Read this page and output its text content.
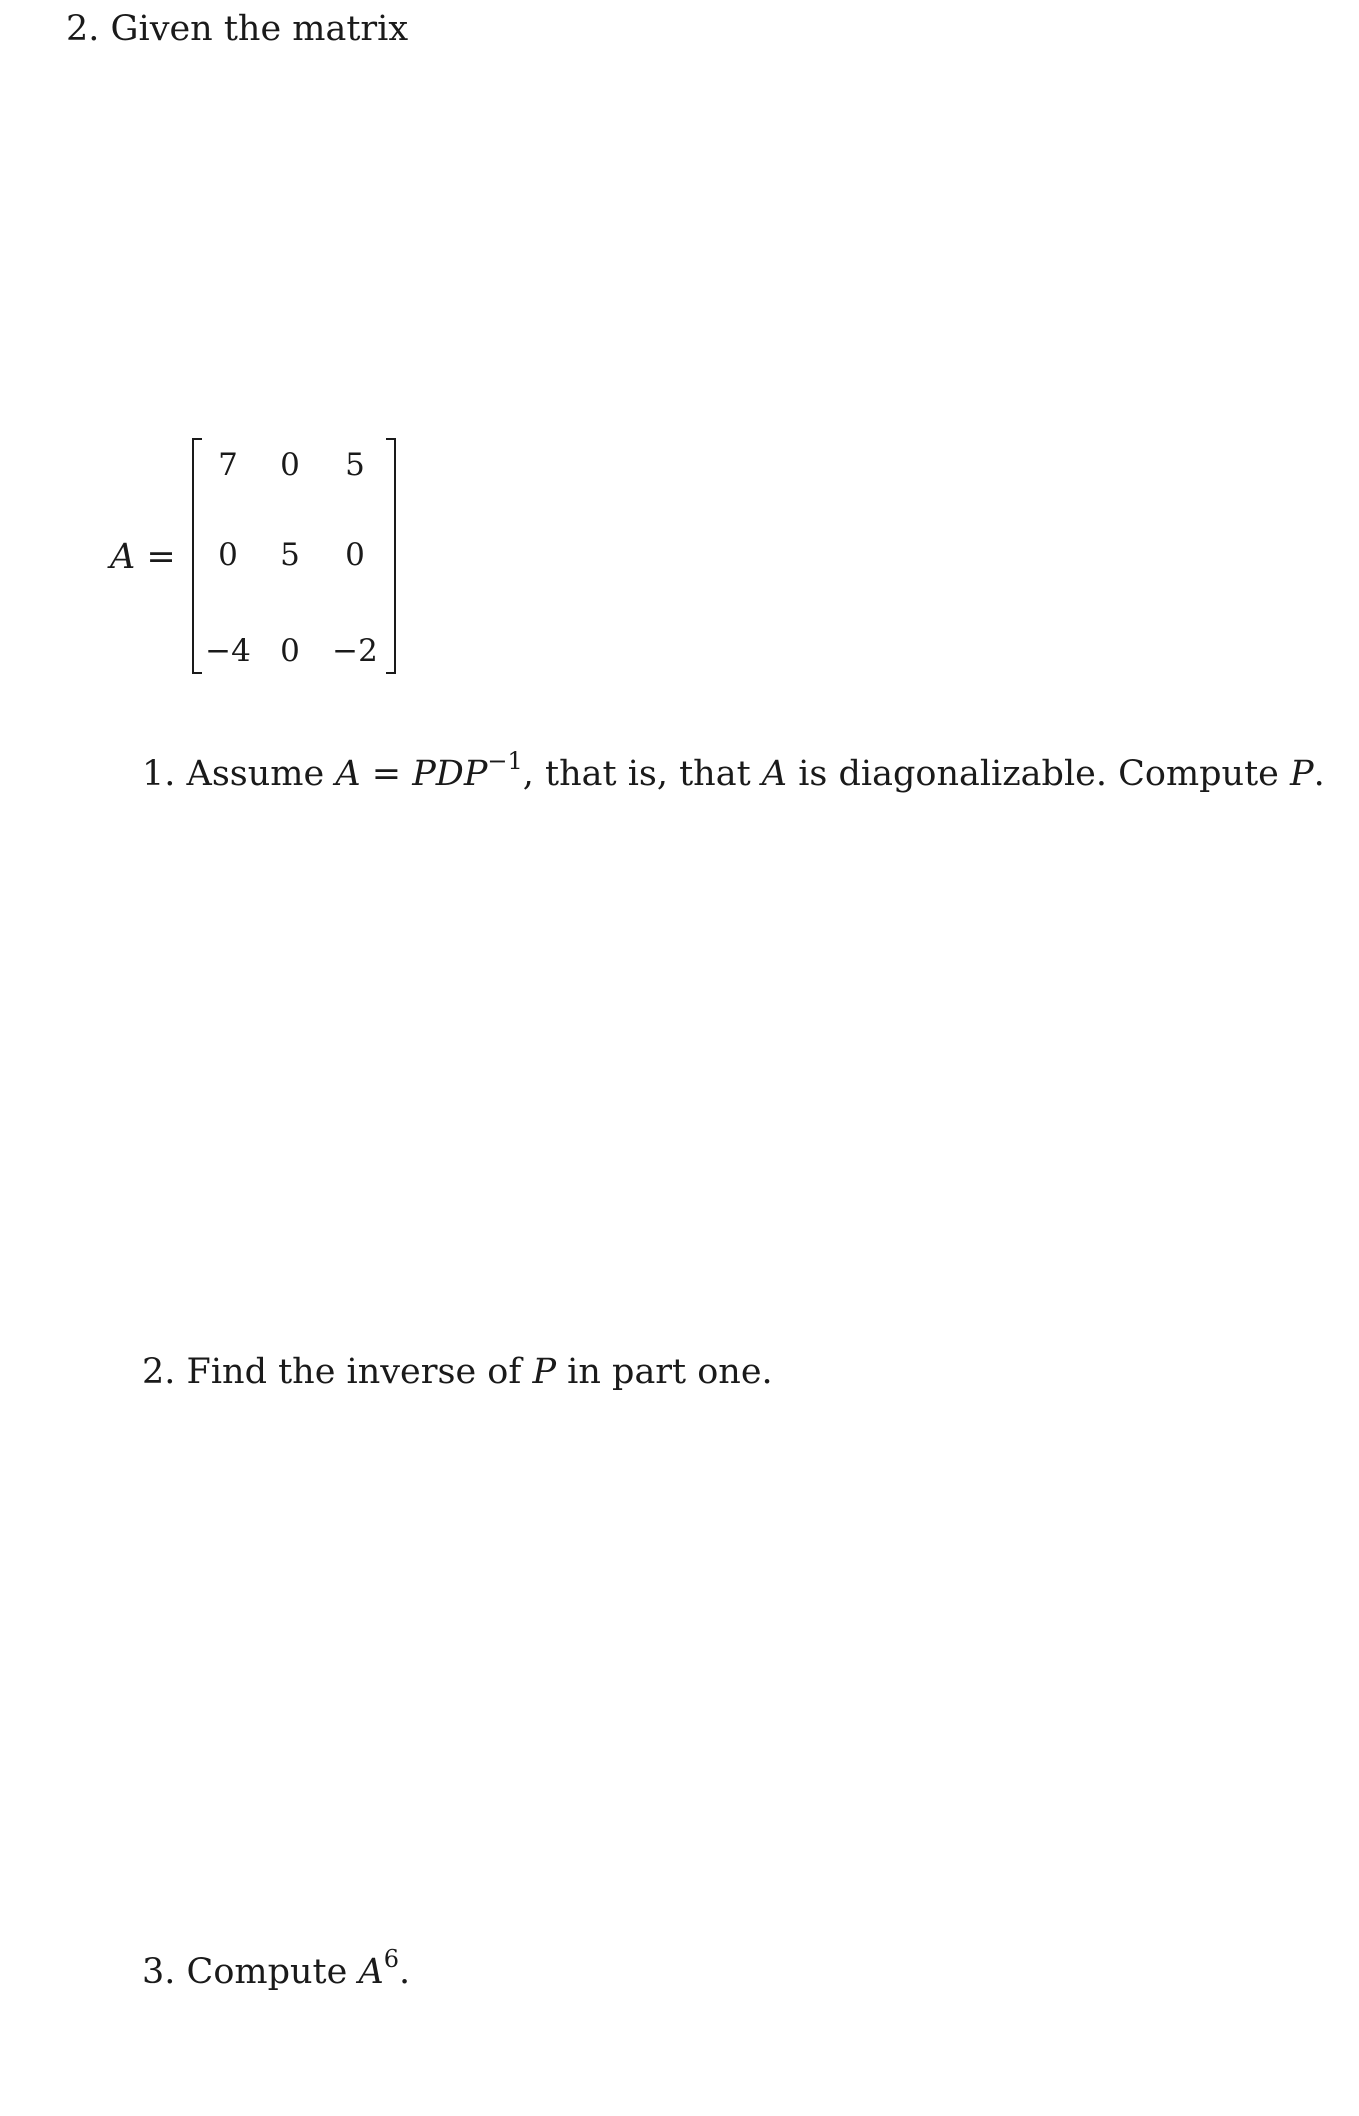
2. Given the matrix
A =
7	0	5
0	5	0
−4 0	−2
1. Assume $A = PDP^{-1}$, that is, that A is diagonalizable. Compute P.
2. Find the inverse of P in part one.
3. Compute $A^6$.
